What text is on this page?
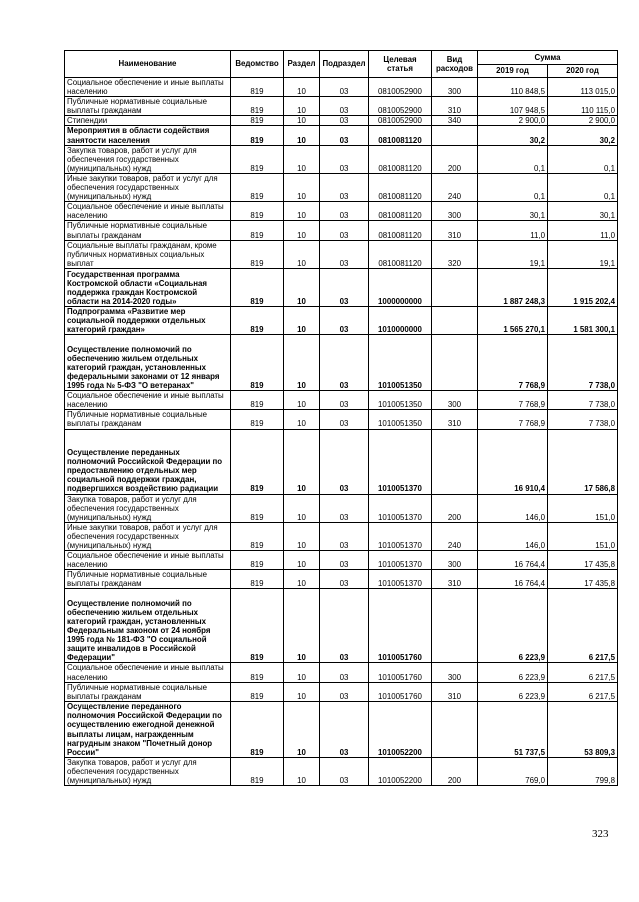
Наименование	Ведомство	Раздел	Подраздел	Целевая статья	Вид расходов	Сумма	
						2019 год	2020 год
Социальное обеспечение и иные выплаты населению	819	10	03	0810052900	300	110 848,5	113 015,0
Публичные нормативные социальные выплаты гражданам	819	10	03	0810052900	310	107 948,5	110 115,0
Стипендии	819	10	03	0810052900	340	2 900,0	2 900,0
Мероприятия в области содействия занятости населения	819	10	03	0810081120		30,2	30,2
Закупка товаров, работ и услуг для обеспечения государственных (муниципальных) нужд	819	10	03	0810081120	200	0,1	0,1
Иные закупки товаров, работ и услуг для обеспечения государственных (муниципальных) нужд	819	10	03	0810081120	240	0,1	0,1
Социальное обеспечение и иные выплаты населению	819	10	03	0810081120	300	30,1	30,1
Публичные нормативные социальные выплаты гражданам	819	10	03	0810081120	310	11,0	11,0
Социальные выплаты гражданам, кроме публичных нормативных социальных выплат	819	10	03	0810081120	320	19,1	19,1
Государственная программа Костромской области «Социальная поддержка граждан Костромской области на 2014-2020 годы»	819	10	03	1000000000		1 887 248,3	1 915 202,4
Подпрограмма «Развитие мер социальной поддержки отдельных категорий граждан»	819	10	03	1010000000		1 565 270,1	1 581 300,1
Осуществление полномочий по обеспечению жильем отдельных категорий граждан, установленных федеральными законами от 12 января 1995 года № 5-ФЗ "О ветеранах"	819	10	03	1010051350		7 768,9	7 738,0
Социальное обеспечение и иные выплаты населению	819	10	03	1010051350	300	7 768,9	7 738,0
Публичные нормативные социальные выплаты гражданам	819	10	03	1010051350	310	7 768,9	7 738,0
Осуществление переданных полномочий Российской Федерации по предоставлению отдельных мер социальной поддержки граждан, подвергшихся воздействию радиации	819	10	03	1010051370		16 910,4	17 586,8
Закупка товаров, работ и услуг для обеспечения государственных (муниципальных) нужд	819	10	03	1010051370	200	146,0	151,0
Иные закупки товаров, работ и услуг для обеспечения государственных (муниципальных) нужд	819	10	03	1010051370	240	146,0	151,0
Социальное обеспечение и иные выплаты населению	819	10	03	1010051370	300	16 764,4	17 435,8
Публичные нормативные социальные выплаты гражданам	819	10	03	1010051370	310	16 764,4	17 435,8
Осуществление полномочий по обеспечению жильем отдельных категорий граждан, установленных Федеральным законом от 24 ноября 1995 года № 181-ФЗ "О социальной защите инвалидов в Российской Федерации"	819	10	03	1010051760		6 223,9	6 217,5
Социальное обеспечение и иные выплаты населению	819	10	03	1010051760	300	6 223,9	6 217,5
Публичные нормативные социальные выплаты гражданам	819	10	03	1010051760	310	6 223,9	6 217,5
Осуществление переданного полномочия Российской Федерации по осуществлению ежегодной денежной выплаты лицам, награжденным нагрудным знаком "Почетный донор России"	819	10	03	1010052200		51 737,5	53 809,3
Закупка товаров, работ и услуг для обеспечения государственных (муниципальных) нужд	819	10	03	1010052200	200	769,0	799,8
323
